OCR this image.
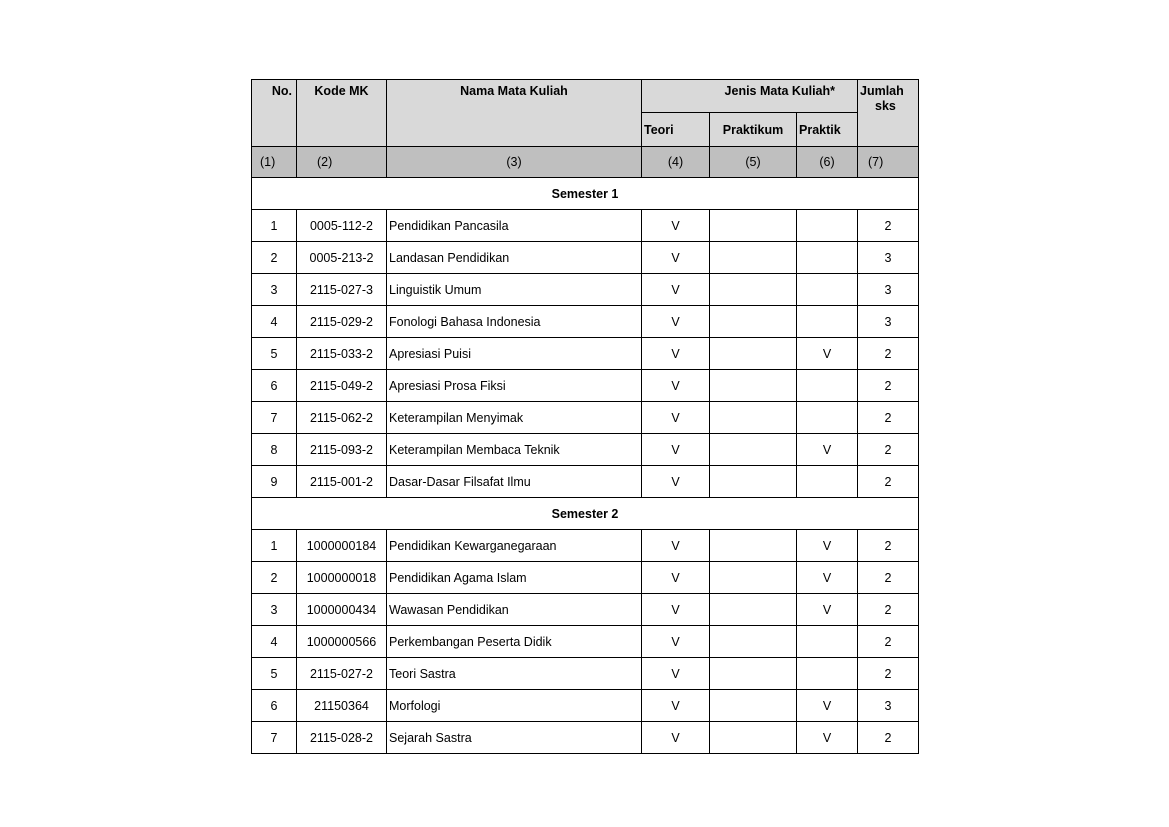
No.	Kode MK	Nama Mata Kuliah	Jenis Mata Kuliah*			Jumlah
sks
			Teori	Praktikum	Praktik	
(1)	(2)	(3)	(4)	(5)	(6)	(7)
Semester 1						
1	0005-112-2	Pendidikan Pancasila	V			2
2	0005-213-2	Landasan Pendidikan	V			3
3	2115-027-3	Linguistik Umum	V			3
4	2115-029-2	Fonologi Bahasa Indonesia	V			3
5	2115-033-2	Apresiasi Puisi	V		V	2
6	2115-049-2	Apresiasi Prosa Fiksi	V			2
7	2115-062-2	Keterampilan Menyimak	V			2
8	2115-093-2	Keterampilan Membaca Teknik	V		V	2
9	2115-001-2	Dasar-Dasar Filsafat Ilmu	V			2
Semester 2						
1	1000000184	Pendidikan Kewarganegaraan	V		V	2
2	1000000018	Pendidikan Agama Islam	V		V	2
3	1000000434	Wawasan Pendidikan	V		V	2
4	1000000566	Perkembangan Peserta Didik	V			2
5	2115-027-2	Teori Sastra	V			2
6	21150364	Morfologi	V		V	3
7	2115-028-2	Sejarah Sastra	V		V	2
